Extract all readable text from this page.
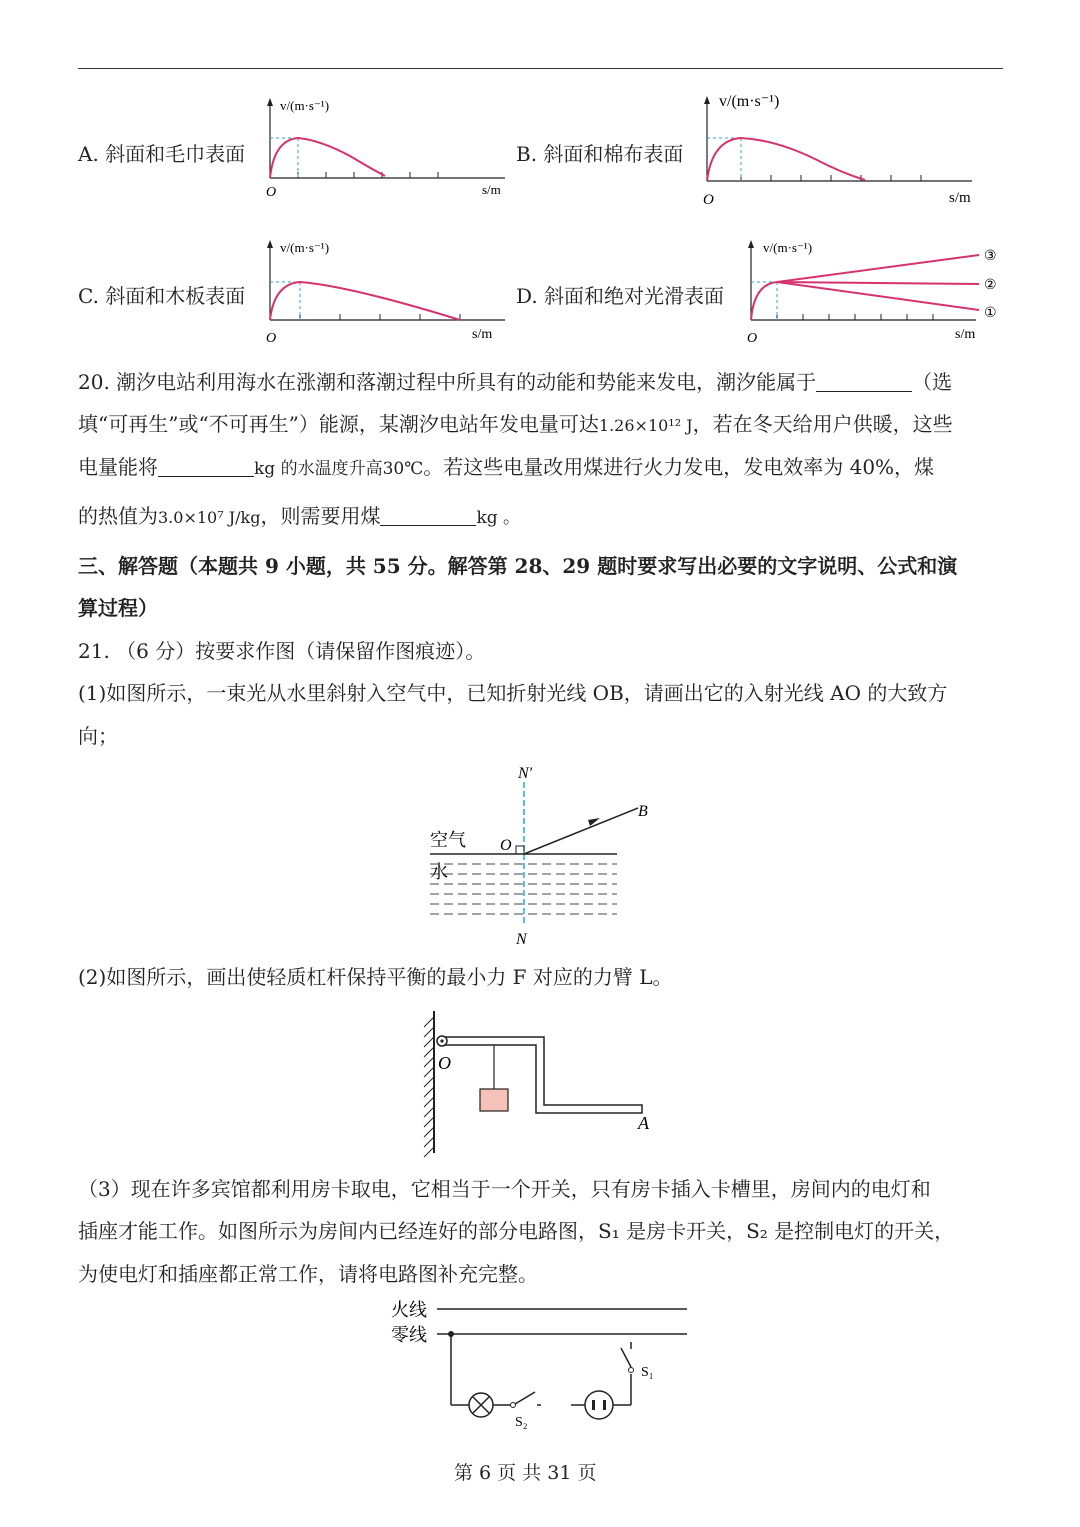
A. 斜面和毛巾表面	B. 斜面和棉布表面
C. 斜面和木板表面	D. 斜面和绝对光滑表面
v/(m·s⁻¹)
O	s/m
v/(m·s⁻¹)
O	s/m
v/(m·s⁻¹)
O	s/m
v/(m·s⁻¹)
③
②
①
O	s/m
20. 潮汐电站利用海水在涨潮和落潮过程中所具有的动能和势能来发电，潮汐能属于	（选
填“可再生”或“不可再生”）能源，某潮汐电站年发电量可达1.26×10¹² J，若在冬天给用户供暖，这些
电量能将	kg 的水温度升高30℃。若这些电量改用煤进行火力发电，发电效率为 40%，煤
的热值为3.0×10⁷ J/kg，则需要用煤	kg 。
三、解答题（本题共 9 小题，共 55 分。解答第 28、29 题时要求写出必要的文字说明、公式和演
算过程）
21. （6 分）按要求作图（请保留作图痕迹）。
(1)如图所示，一束光从水里斜射入空气中，已知折射光线 OB，请画出它的入射光线 AO 的大致方
向；
N′
N
O
B
空气
水
(2)如图所示，画出使轻质杠杆保持平衡的最小力 F 对应的力臂 L。
O
A
（3）现在许多宾馆都利用房卡取电，它相当于一个开关，只有房卡插入卡槽里，房间内的电灯和
插座才能工作。如图所示为房间内已经连好的部分电路图，S₁ 是房卡开关，S₂ 是控制电灯的开关，
为使电灯和插座都正常工作，请将电路图补充完整。
火线
零线
S₂
S₁
第 6 页 共 31 页
